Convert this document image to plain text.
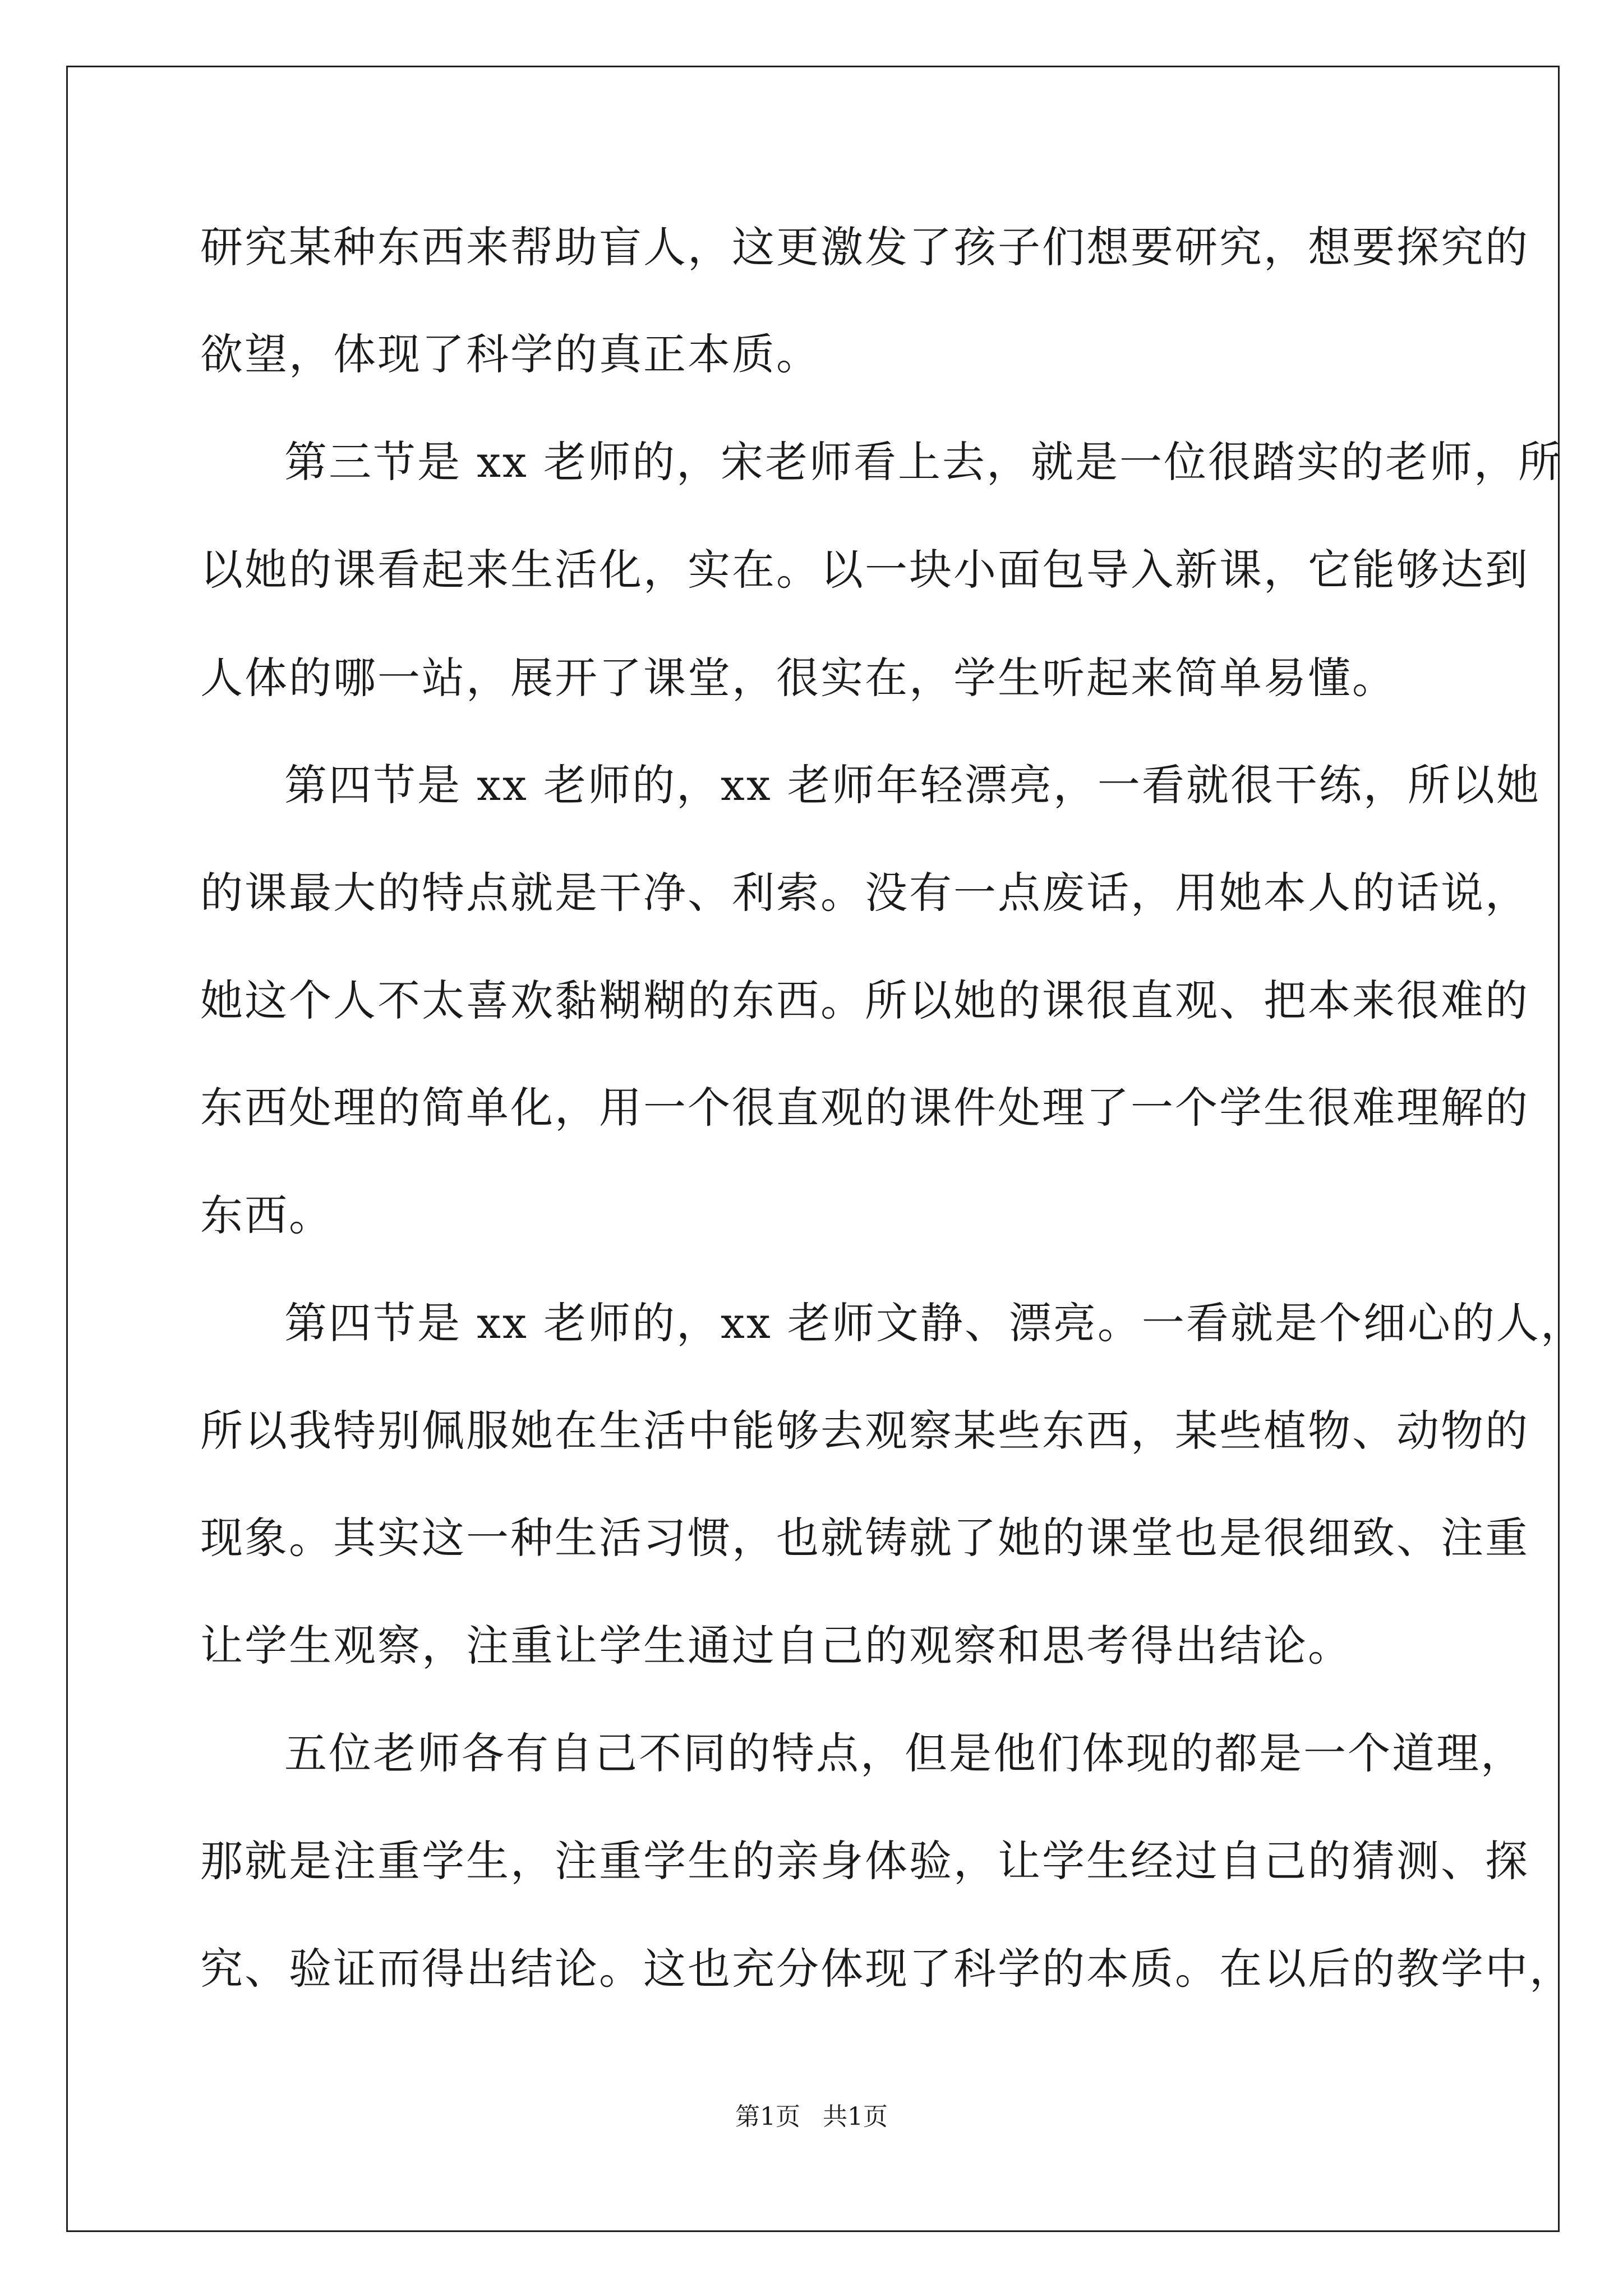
研究某种东西来帮助盲人，这更激发了孩子们想要研究，想要探究的
欲望，体现了科学的真正本质。
第三节是 xx 老师的，宋老师看上去，就是一位很踏实的老师，所
以她的课看起来生活化，实在。以一块小面包导入新课，它能够达到
人体的哪一站，展开了课堂，很实在，学生听起来简单易懂。
第四节是 xx 老师的，xx 老师年轻漂亮，一看就很干练，所以她
的课最大的特点就是干净、利索。没有一点废话，用她本人的话说，
她这个人不太喜欢黏糊糊的东西。所以她的课很直观、把本来很难的
东西处理的简单化，用一个很直观的课件处理了一个学生很难理解的
东西。
第四节是 xx 老师的，xx 老师文静、漂亮。一看就是个细心的人，
所以我特别佩服她在生活中能够去观察某些东西，某些植物、动物的
现象。其实这一种生活习惯，也就铸就了她的课堂也是很细致、注重
让学生观察，注重让学生通过自己的观察和思考得出结论。
五位老师各有自己不同的特点，但是他们体现的都是一个道理，
那就是注重学生，注重学生的亲身体验，让学生经过自己的猜测、探
究、验证而得出结论。这也充分体现了科学的本质。在以后的教学中，
第1页 共1页
